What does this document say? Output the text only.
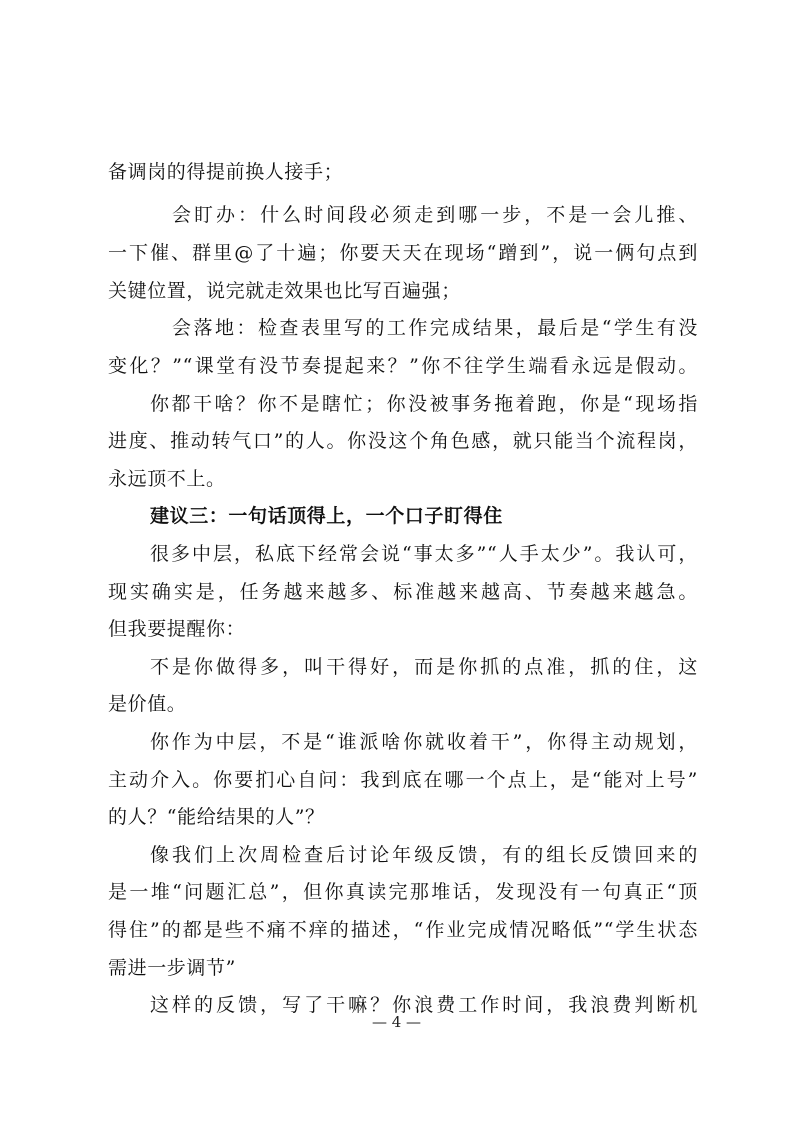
备调岗的得提前换人接手；
会盯办：什么时间段必须走到哪一步，不是一会儿推、
一下催、群里@了十遍；你要天天在现场“蹭到”，说一俩句点到
关键位置，说完就走效果也比写百遍强；
会落地：检查表里写的工作完成结果，最后是“学生有没
变化？”“课堂有没节奏提起来？”你不往学生端看永远是假动。
你都干啥？你不是瞎忙；你没被事务拖着跑，你是“现场指
进度、推动转气口”的人。你没这个角色感，就只能当个流程岗，
永远顶不上。
建议三：一句话顶得上，一个口子盯得住
很多中层，私底下经常会说“事太多”“人手太少”。我认可，
现实确实是，任务越来越多、标准越来越高、节奏越来越急。
但我要提醒你：
不是你做得多，叫干得好，而是你抓的点准，抓的住，这
是价值。
你作为中层，不是“谁派啥你就收着干”，你得主动规划，
主动介入。你要扪心自问：我到底在哪一个点上，是“能对上号”
的人？“能给结果的人”？
像我们上次周检查后讨论年级反馈，有的组长反馈回来的
是一堆“问题汇总”，但你真读完那堆话，发现没有一句真正“顶
得住”的都是些不痛不痒的描述，“作业完成情况略低”“学生状态
需进一步调节”
这样的反馈，写了干嘛？你浪费工作时间，我浪费判断机
— 4 —
